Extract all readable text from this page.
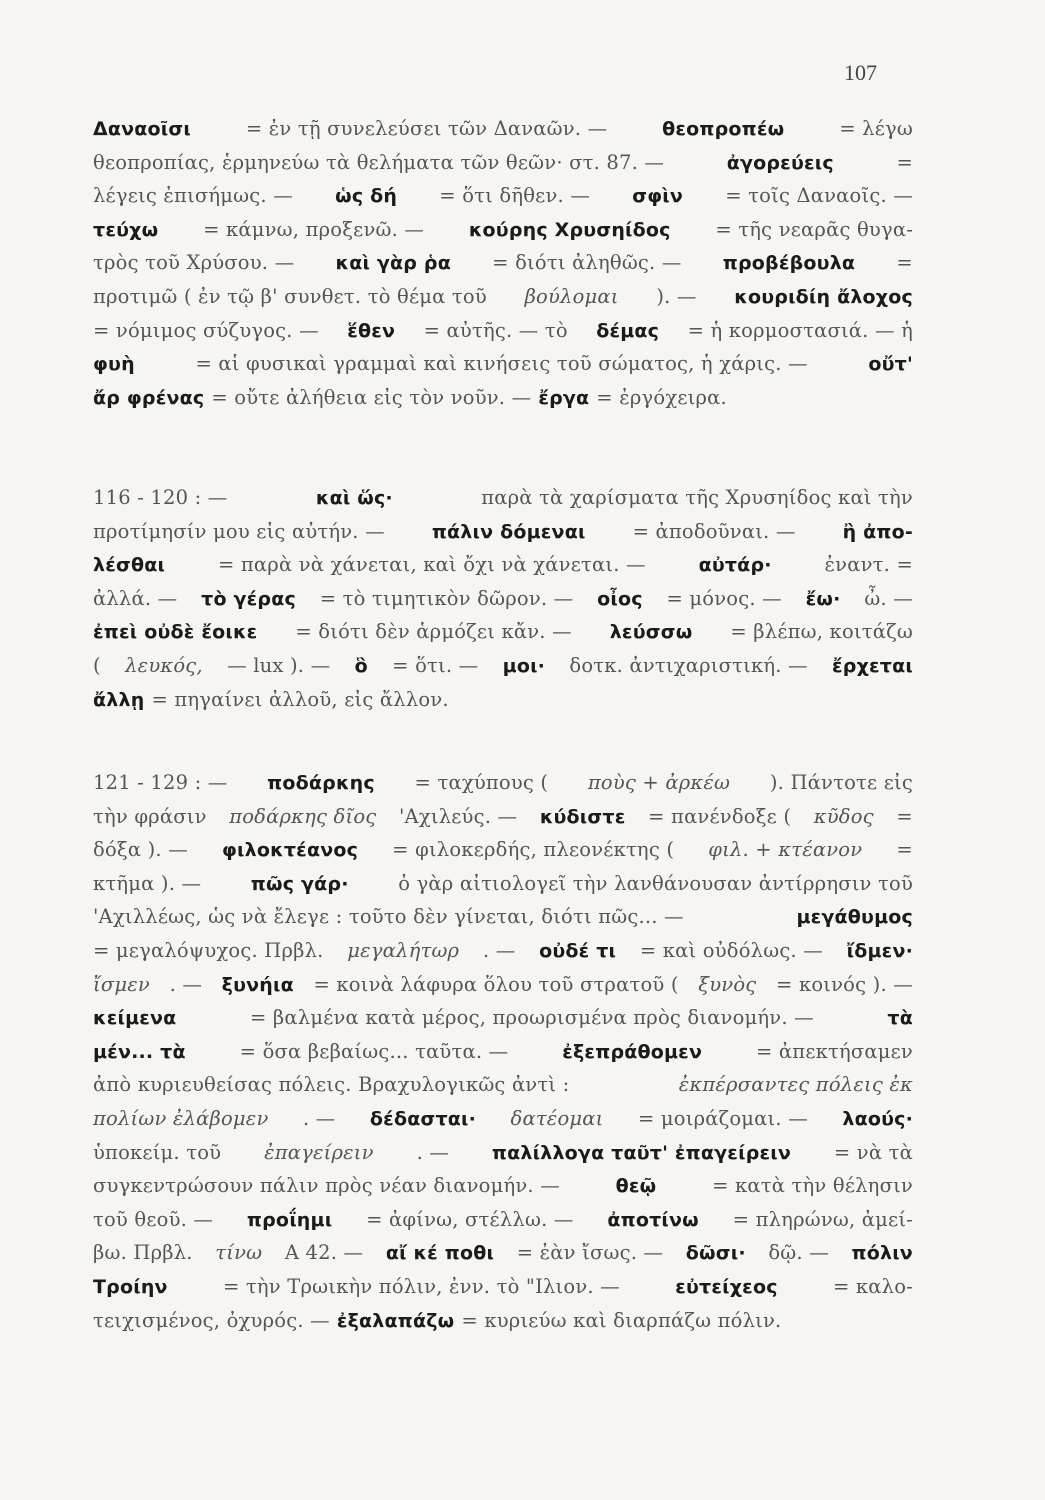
107
Δαναοῖσι	= ἐν τῇ συνελεύσει τῶν Δαναῶν. —	θεοπροπέω	= λέγω
θεοπροπίας, ἑρμηνεύω τὰ θελήματα τῶν θεῶν· στ. 87. —	ἀγορεύεις	=
λέγεις ἐπισήμως. — ὡς δή = ὅτι δῆθεν. — σφὶν = τοῖς Δαναοῖς. —
τεύχω = κάμνω, προξενῶ. — κούρης Χρυσηίδος = τῆς νεαρᾶς θυγα-
τρὸς τοῦ Χρύσου. — καὶ γὰρ ῥα = διότι ἀληθῶς. — προβέβουλα =
προτιμῶ ( ἐν τῷ β' συνθετ. τὸ θέμα τοῦ βούλομαι ). — κουριδίη ἄλοχος
= νόμιμος σύζυγος. — ἕθεν = αὐτῆς. — τὸ δέμας = ἡ κορμοστασιά. — ἡ
φυὴ	= αἱ φυσικαὶ γραμμαὶ καὶ κινήσεις τοῦ σώματος, ἡ χάρις. —	οὔτ'
ἄρ φρένας = οὔτε ἀλήθεια εἰς τὸν νοῦν. — ἔργα = ἐργόχειρα.
116 - 120 : —	καὶ ὥς·	παρὰ τὰ χαρίσματα τῆς Χρυσηίδος καὶ τὴν
προτίμησίν μου εἰς αὐτήν. — πάλιν δόμεναι = ἀποδοῦναι. — ἢ ἀπο-
λέσθαι	= παρὰ νὰ χάνεται, καὶ ὄχι νὰ χάνεται. —	αὐτάρ·	ἐναντ. =
ἀλλά. — τὸ γέρας = τὸ τιμητικὸν δῶρον. — οἶος = μόνος. — ἔω· ὦ. —
ἐπεὶ οὐδὲ ἔοικε = διότι δὲν ἁρμόζει κἄν. — λεύσσω = βλέπω, κοιτάζω
( λευκός, — lux ). — ὃ = ὅτι. — μοι· δοτκ. ἀντιχαριστική. — ἔρχεται
ἄλλῃ = πηγαίνει ἀλλοῦ, εἰς ἄλλον.
121 - 129 : — ποδάρκης = ταχύπους ( ποὺς + ἀρκέω ). Πάντοτε εἰς
τὴν φράσιν ποδάρκης δῖος 'Αχιλεύς. — κύδιστε = πανένδοξε ( κῦδος =
δόξα ). — φιλοκτέανος = φιλοκερδής, πλεονέκτης ( φιλ. + κτέανον =
κτῆμα ). —	πῶς γάρ·	ὁ γὰρ αἰτιολογεῖ τὴν λανθάνουσαν ἀντίρρησιν τοῦ
'Αχιλλέως, ὡς νὰ ἔλεγε : τοῦτο δὲν γίνεται, διότι πῶς... —	μεγάθυμος
= μεγαλόψυχος. Πρβλ. μεγαλήτωρ . — οὐδέ τι = καὶ οὐδόλως. — ἴδμεν·
ἴσμεν . — ξυνήια = κοινὰ λάφυρα ὅλου τοῦ στρατοῦ ( ξυνὸς = κοινός ). —
κείμενα	= βαλμένα κατὰ μέρος, προωρισμένα πρὸς διανομήν. —	τὰ
μέν... τὰ	= ὅσα βεβαίως... ταῦτα. —	ἐξεπράθομεν	= ἀπεκτήσαμεν
ἀπὸ κυριευθείσας πόλεις. Βραχυλογικῶς ἀντὶ :	ἐκπέρσαντες πόλεις ἐκ
πολίων ἐλάβομεν . — δέδασται· δατέομαι = μοιράζομαι. — λαούς·
ὑποκείμ. τοῦ ἐπαγείρειν . — παλίλλογα ταῦτ' ἐπαγείρειν = νὰ τὰ
συγκεντρώσουν πάλιν πρὸς νέαν διανομήν. —	θεῷ	= κατὰ τὴν θέλησιν
τοῦ θεοῦ. — προΐημι = ἀφίνω, στέλλω. — ἀποτίνω = πληρώνω, ἀμεί-
βω. Πρβλ. τίνω Α 42. — αἴ κέ ποθι = ἐὰν ἴσως. — δῶσι· δῷ. — πόλιν
Τροίην	= τὴν Τρωικὴν πόλιν, ἐνν. τὸ "Ιλιον. —	εὐτείχεος	= καλο-
τειχισμένος, ὀχυρός. — ἐξαλαπάζω = κυριεύω καὶ διαρπάζω πόλιν.
